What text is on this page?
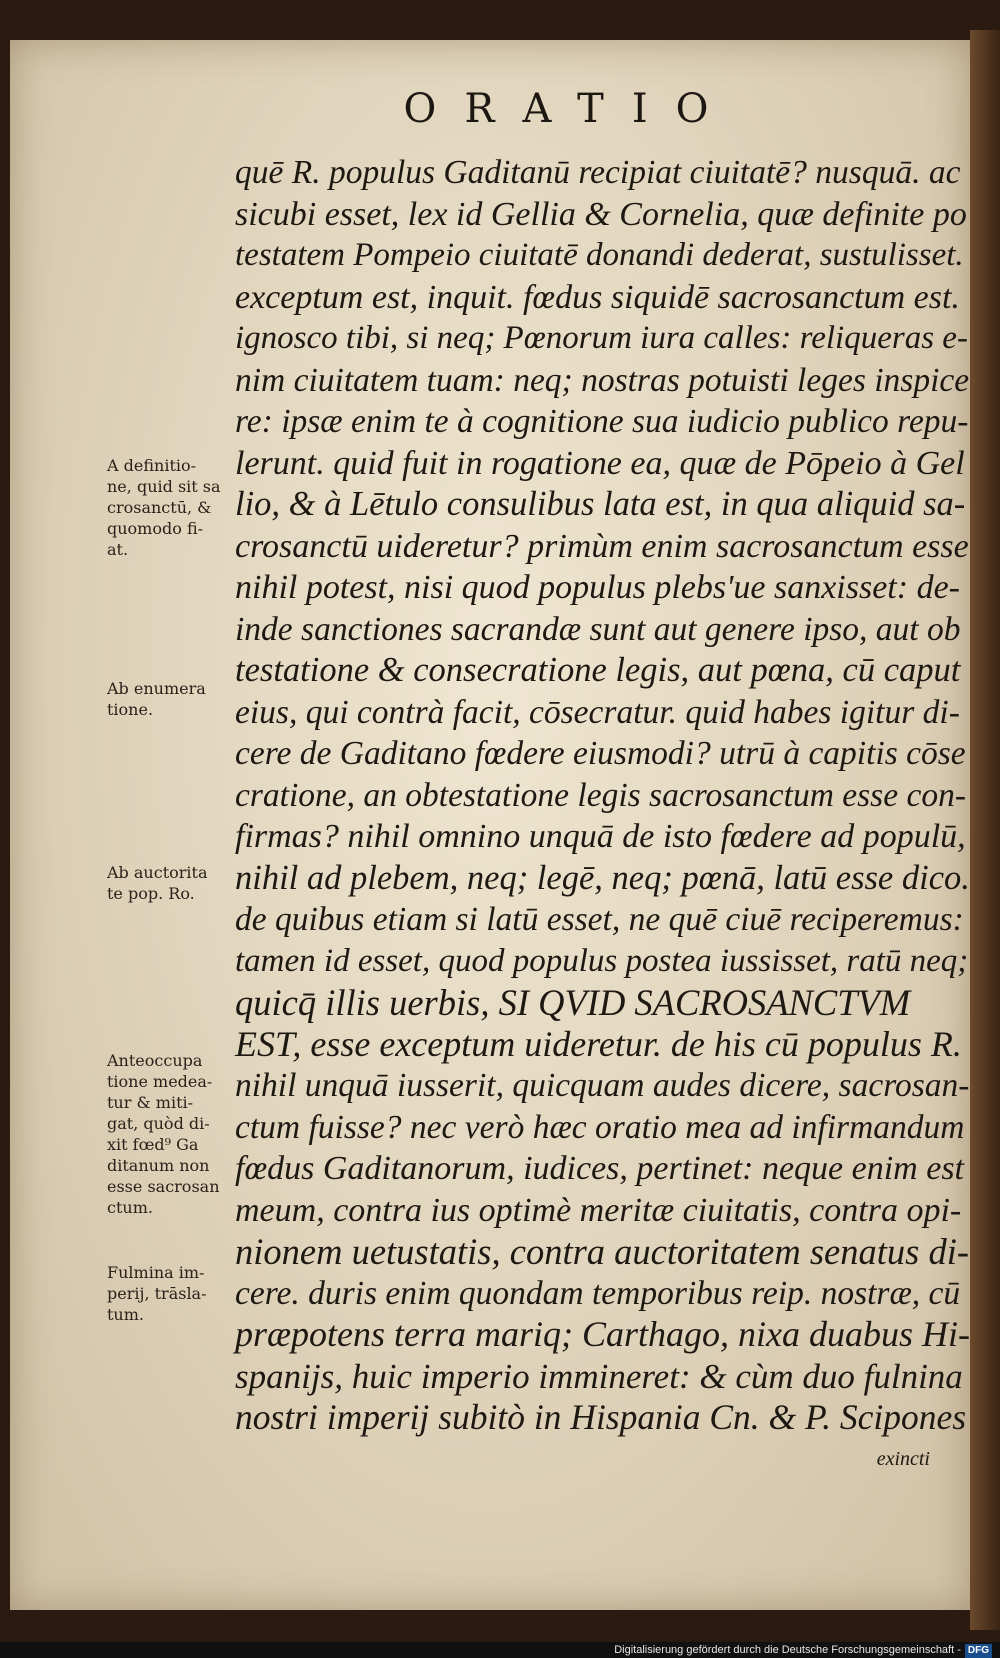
ORATIO
quē R. populus Gaditanū recipiat ciuitatē? nusquā. ac
sicubi esset, lex id Gellia & Cornelia, quæ definite po
testatem Pompeio ciuitatē donandi dederat, sustulisset.
exceptum est, inquit. fœdus siquidē sacrosanctum est.
ignosco tibi, si neq; Pœnorum iura calles: reliqueras e-
nim ciuitatem tuam: neq; nostras potuisti leges inspice
re: ipsæ enim te à cognitione sua iudicio publico repu-
lerunt. quid fuit in rogatione ea, quæ de Pōpeio à Gel
lio, & à Lētulo consulibus lata est, in qua aliquid sa-
crosanctū uideretur? primùm enim sacrosanctum esse
nihil potest, nisi quod populus plebs'ue sanxisset: de-
inde sanctiones sacrandæ sunt aut genere ipso, aut ob
testatione & consecratione legis, aut pœna, cū caput
eius, qui contrà facit, cōsecratur. quid habes igitur di-
cere de Gaditano fœdere eiusmodi? utrū à capitis cōse
cratione, an obtestatione legis sacrosanctum esse con-
firmas? nihil omnino unquā de isto fœdere ad populū,
nihil ad plebem, neq; legē, neq; pœnā, latū esse dico.
de quibus etiam si latū esset, ne quē ciuē reciperemus:
tamen id esset, quod populus postea iussisset, ratū neq;
quicq̄ illis uerbis, SI QVID SACROSANCTVM
EST, esse exceptum uideretur. de his cū populus R.
nihil unquā iusserit, quicquam audes dicere, sacrosan-
ctum fuisse? nec verò hæc oratio mea ad infirmandum
fœdus Gaditanorum, iudices, pertinet: neque enim est
meum, contra ius optimè meritæ ciuitatis, contra opi-
nionem uetustatis, contra auctoritatem senatus di-
cere. duris enim quondam temporibus reip. nostræ, cū
præpotens terra mariq; Carthago, nixa duabus Hi-
spanijs, huic imperio immineret: & cùm duo fulnina
nostri imperij subitò in Hispania Cn. & P. Scipones
exincti
A definitio-
ne, quid sit sa
crosanctū, &
quomodo fi-
at.
Ab enumera
tione.
Ab auctorita
te pop. Ro.
Anteoccupa
tione medea-
tur & miti-
gat, quòd di-
xit fœd⁹ Ga
ditanum non
esse sacrosan
ctum.
Fulmina im-
perij, trāsla-
tum.
Digitalisierung gefördert durch die Deutsche Forschungsgemeinschaft - DFG
